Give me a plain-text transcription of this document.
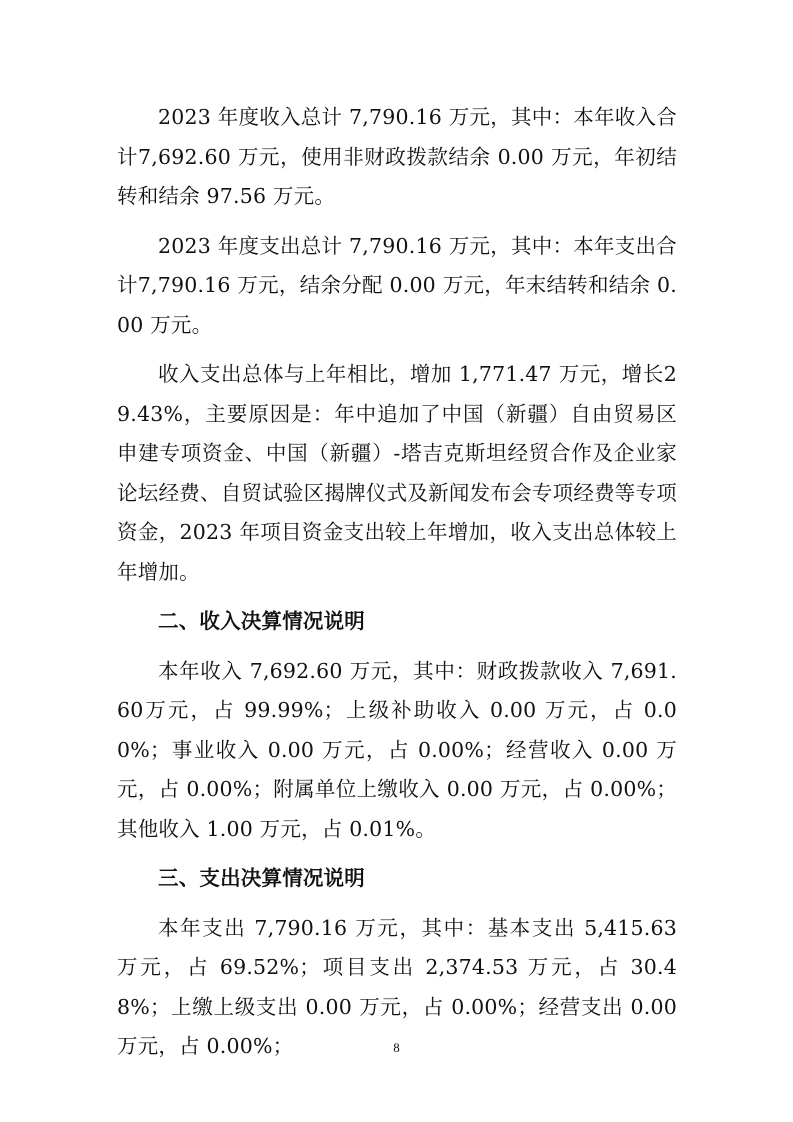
2023 年度收入总计 7,790.16 万元，其中：本年收入合计7,692.60 万元，使用非财政拨款结余 0.00 万元，年初结转和结余 97.56 万元。

2023 年度支出总计 7,790.16 万元，其中：本年支出合计7,790.16 万元，结余分配 0.00 万元，年末结转和结余 0.00 万元。

收入支出总体与上年相比，增加 1,771.47 万元，增长29.43%，主要原因是：年中追加了中国（新疆）自由贸易区申建专项资金、中国（新疆）-塔吉克斯坦经贸合作及企业家论坛经费、自贸试验区揭牌仪式及新闻发布会专项经费等专项资金，2023 年项目资金支出较上年增加，收入支出总体较上年增加。

二、收入决算情况说明

本年收入 7,692.60 万元，其中：财政拨款收入 7,691.60万元，占 99.99%；上级补助收入 0.00 万元，占 0.00%；事业收入 0.00 万元，占 0.00%；经营收入 0.00 万元，占 0.00%；附属单位上缴收入 0.00 万元，占 0.00%；其他收入 1.00 万元，占 0.01%。

三、支出决算情况说明

本年支出 7,790.16 万元，其中：基本支出 5,415.63 万元，占 69.52%；项目支出 2,374.53 万元，占 30.48%；上缴上级支出 0.00 万元，占 0.00%；经营支出 0.00 万元，占 0.00%；	8
